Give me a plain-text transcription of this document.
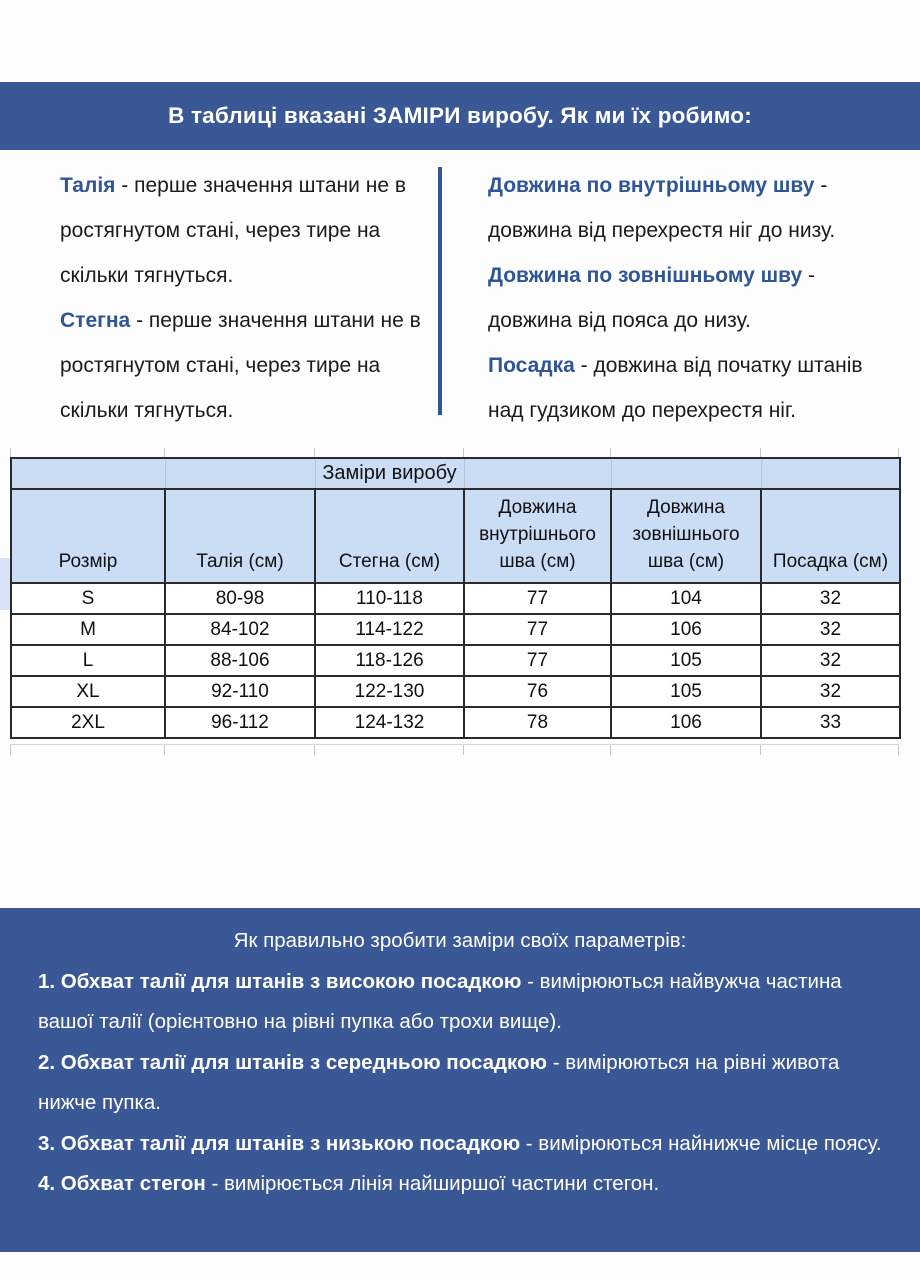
В таблиці вказані ЗАМІРИ виробу. Як ми їх робимо:

Талія - перше значення штани не в ростягнутом стані, через тире на скільки тягнуться.

Стегна - перше значення штани не в ростягнутом стані, через тире на скільки тягнуться.

Довжина по внутрішньому шву - довжина від перехрестя ніг до низу.

Довжина по зовнішньому шву - довжина від пояса до низу.

Посадка - довжина від початку штанів над гудзиком до перехрестя ніг.

		Заміри виробу			
Розмір	Талія (см)	Стегна (см)	Довжина внутрішнього шва (см)	Довжина зовнішнього шва (см)	Посадка (см)
S	80-98	110-118	77	104	32
M	84-102	114-122	77	106	32
L	88-106	118-126	77	105	32
XL	92-110	122-130	76	105	32
2XL	96-112	124-132	78	106	33

Як правильно зробити заміри своїх параметрів:

1. Обхват талії для штанів з високою посадкою - вимірюються найвужча частина вашої талії (орієнтовно на рівні пупка або трохи вище).

2. Обхват талії для штанів з середньою посадкою - вимірюються на рівні живота нижче пупка.

3. Обхват талії для штанів з низькою посадкою - вимірюються найнижче місце поясу.

4. Обхват стегон - вимірюється лінія найширшої частини стегон.
